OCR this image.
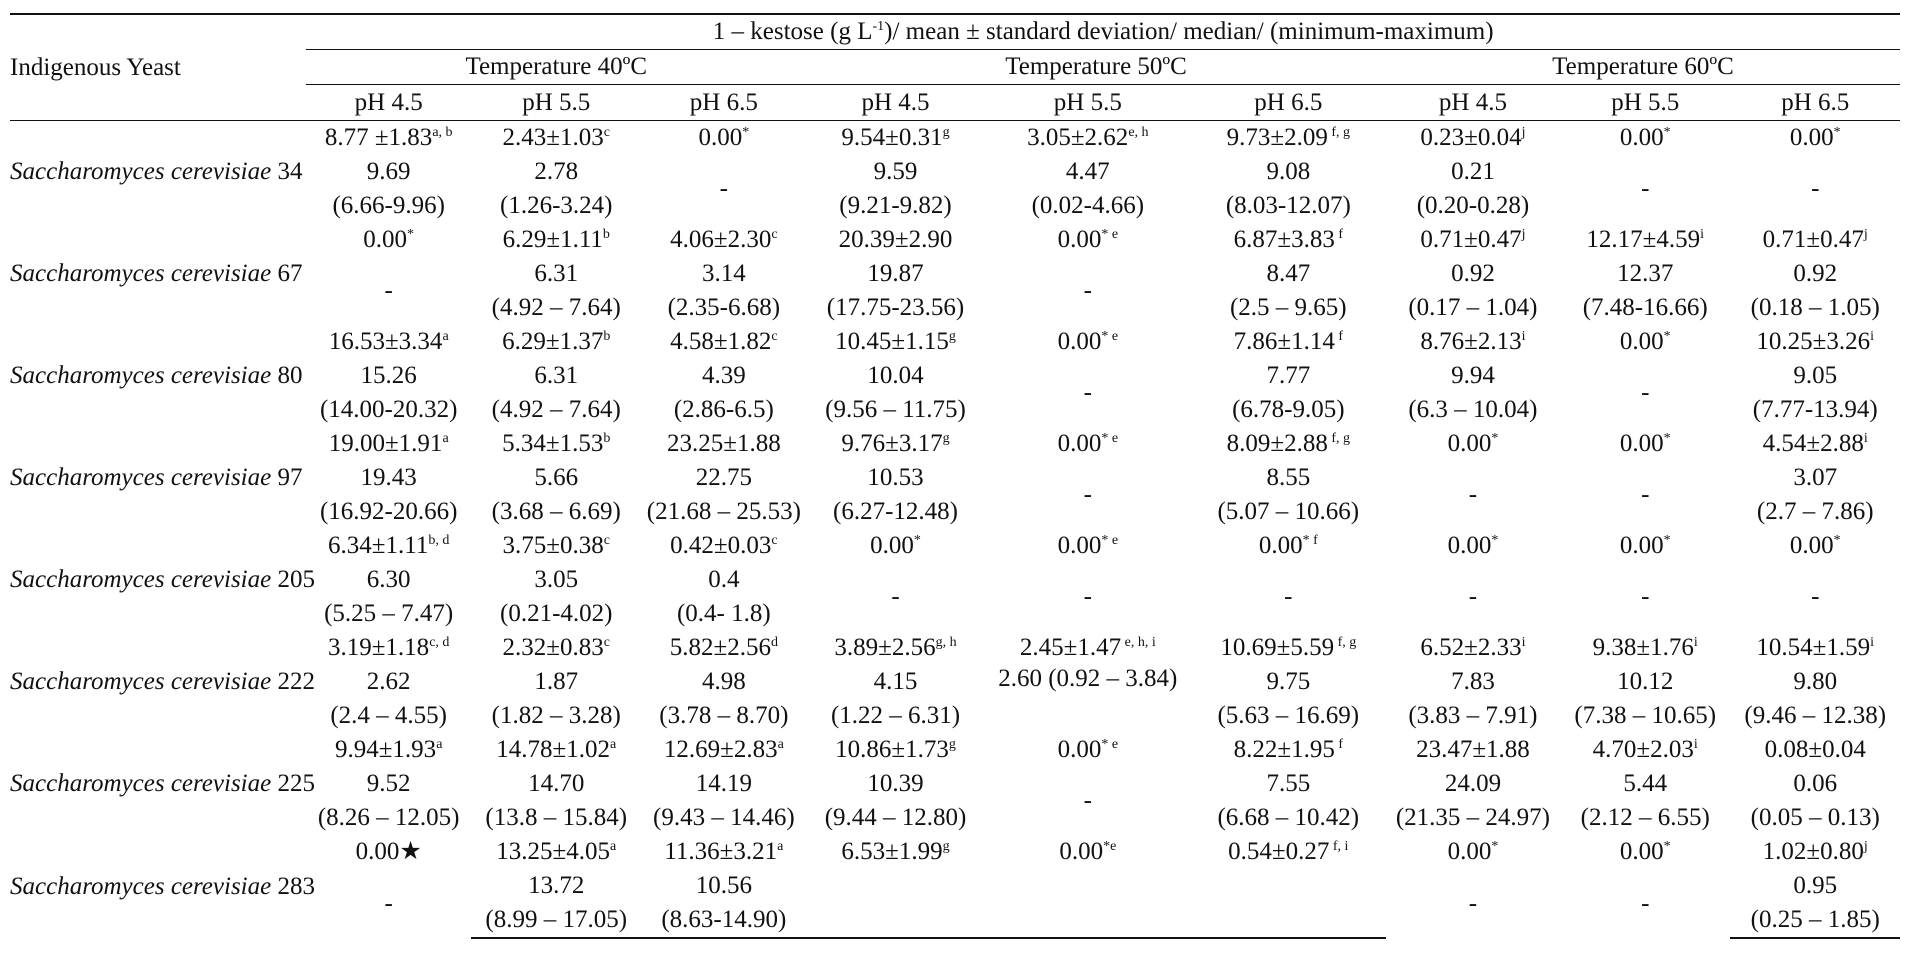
Indigenous Yeast	1 – kestose (g $L^{-1})/$ mean ± standard deviation/ median/ (minimum-maximum)								
	Temperature 40ºC			Temperature 50ºC			Temperature 60ºC		
	pH 4.5	pH 5.5	pH 6.5	pH 4.5	pH 5.5	pH 6.5	pH 4.5	pH 5.5	pH 6.5
Saccharomyces cerevisiae 34	$8.77 \pm 1.83^{a, b}$	2.43±1.03$^c$	0.00*	9.54±0.31$^g$	$3.05\pm 2.62^{e, h}$	9.73±2.09 $^{f, g}$	$0.23\pm 0.04^j$	0.00*	0.00*
	9.69	2.78	-	9.59	4.47	9.08	0.21	-	-
	(6.66-9.96)	(1.26-3.24)		(9.21-9.82)	(0.02-4.66)	(8.03-12.07)	(0.20-0.28)		
Saccharomyces cerevisiae 67	0.00*	6.29±1.11$^b$	4.06±2.30$^c$	20.39±2.90	0.00$^{* e}$	6.87±3.83 $^f$	$0.71\pm 0.47^j$	$12.17\pm 4.59^i$	$0.71\pm 0.47^j$
	-	6.31	3.14	19.87	-	8.47	0.92	12.37	0.92
		(4.92 – 7.64)	(2.35-6.68)	(17.75-23.56)		(2.5 – 9.65)	(0.17 – 1.04)	(7.48-16.66)	(0.18 – 1.05)
Saccharomyces cerevisiae 80	16.53±3.34$^a$	6.29±1.37$^b$	4.58±1.82$^c$	10.45±1.15$^g$	0.00$^{* e}$	7.86±1.14 $^f$	$8.76\pm 2.13^i$	0.00*	$10.25\pm 3.26^i$
	15.26	6.31	4.39	10.04	-	7.77	9.94	-	9.05
	(14.00-20.32)	(4.92 – 7.64)	(2.86-6.5)	(9.56 – 11.75)		(6.78-9.05)	(6.3 – 10.04)		(7.77-13.94)
Saccharomyces cerevisiae 97	19.00±1.91$^a$	5.34±1.53$^b$	23.25±1.88	9.76±3.17$^g$	0.00$^{* e}$	8.09±2.88 $^{f, g}$	0.00*	0.00*	$4.54\pm 2.88^i$
	19.43	5.66	22.75	10.53	-	8.55	-	-	3.07
	(16.92-20.66)	(3.68 – 6.69)	(21.68 – 25.53)	(6.27-12.48)		(5.07 – 10.66)			(2.7 – 7.86)
Saccharomyces cerevisiae 205	$6.34\pm 1.11^{b, d}$	3.75±0.38$^c$	0.42±0.03$^c$	0.00*	0.00$^{* e}$	0.00$^{* f}$	0.00*	0.00*	0.00*
	6.30	3.05	0.4	-	-	-	-	-	-
	(5.25 – 7.47)	(0.21-4.02)	(0.4- 1.8)						
Saccharomyces cerevisiae 222	$3.19\pm 1.18^{c, d}$	2.32±0.83$^c$	5.82±2.56$^d$	$3.89\pm 2.56^{g, h}$	2.45±1.47 $^{e, h, i}$	10.69±5.59 $^{f, g}$	$6.52\pm 2.33^i$	$9.38\pm 1.76^i$	$10.54\pm 1.59^i$
	2.62	1.87	4.98	4.15	2.60 (0.92 – 3.84)	9.75	7.83	10.12	9.80
	(2.4 – 4.55)	(1.82 – 3.28)	(3.78 – 8.70)	(1.22 – 6.31)		(5.63 – 16.69)	(3.83 – 7.91)	(7.38 – 10.65)	(9.46 – 12.38)
Saccharomyces cerevisiae 225	9.94±1.93$^a$	14.78±1.02$^a$	12.69±2.83$^a$	10.86±1.73$^g$	0.00$^{* e}$	8.22±1.95 $^f$	23.47±1.88	$4.70\pm 2.03^i$	0.08±0.04
	9.52	14.70	14.19	10.39	-	7.55	24.09	5.44	0.06
	(8.26 – 12.05)	(13.8 – 15.84)	(9.43 – 14.46)	(9.44 – 12.80)		(6.68 – 10.42)	(21.35 – 24.97)	(2.12 – 6.55)	(0.05 – 0.13)
Saccharomyces cerevisiae 283	0.00★	13.25±4.05$^a$	11.36±3.21$^a$	6.53±1.99$^g$	0.00$^{*e}$	0.54±0.27 $^{f, i}$	0.00*	0.00*	$1.02\pm 0.80^j$
	-	13.72	10.56				-	-	0.95
		(8.99 – 17.05)	(8.63-14.90)						(0.25 – 1.85)
